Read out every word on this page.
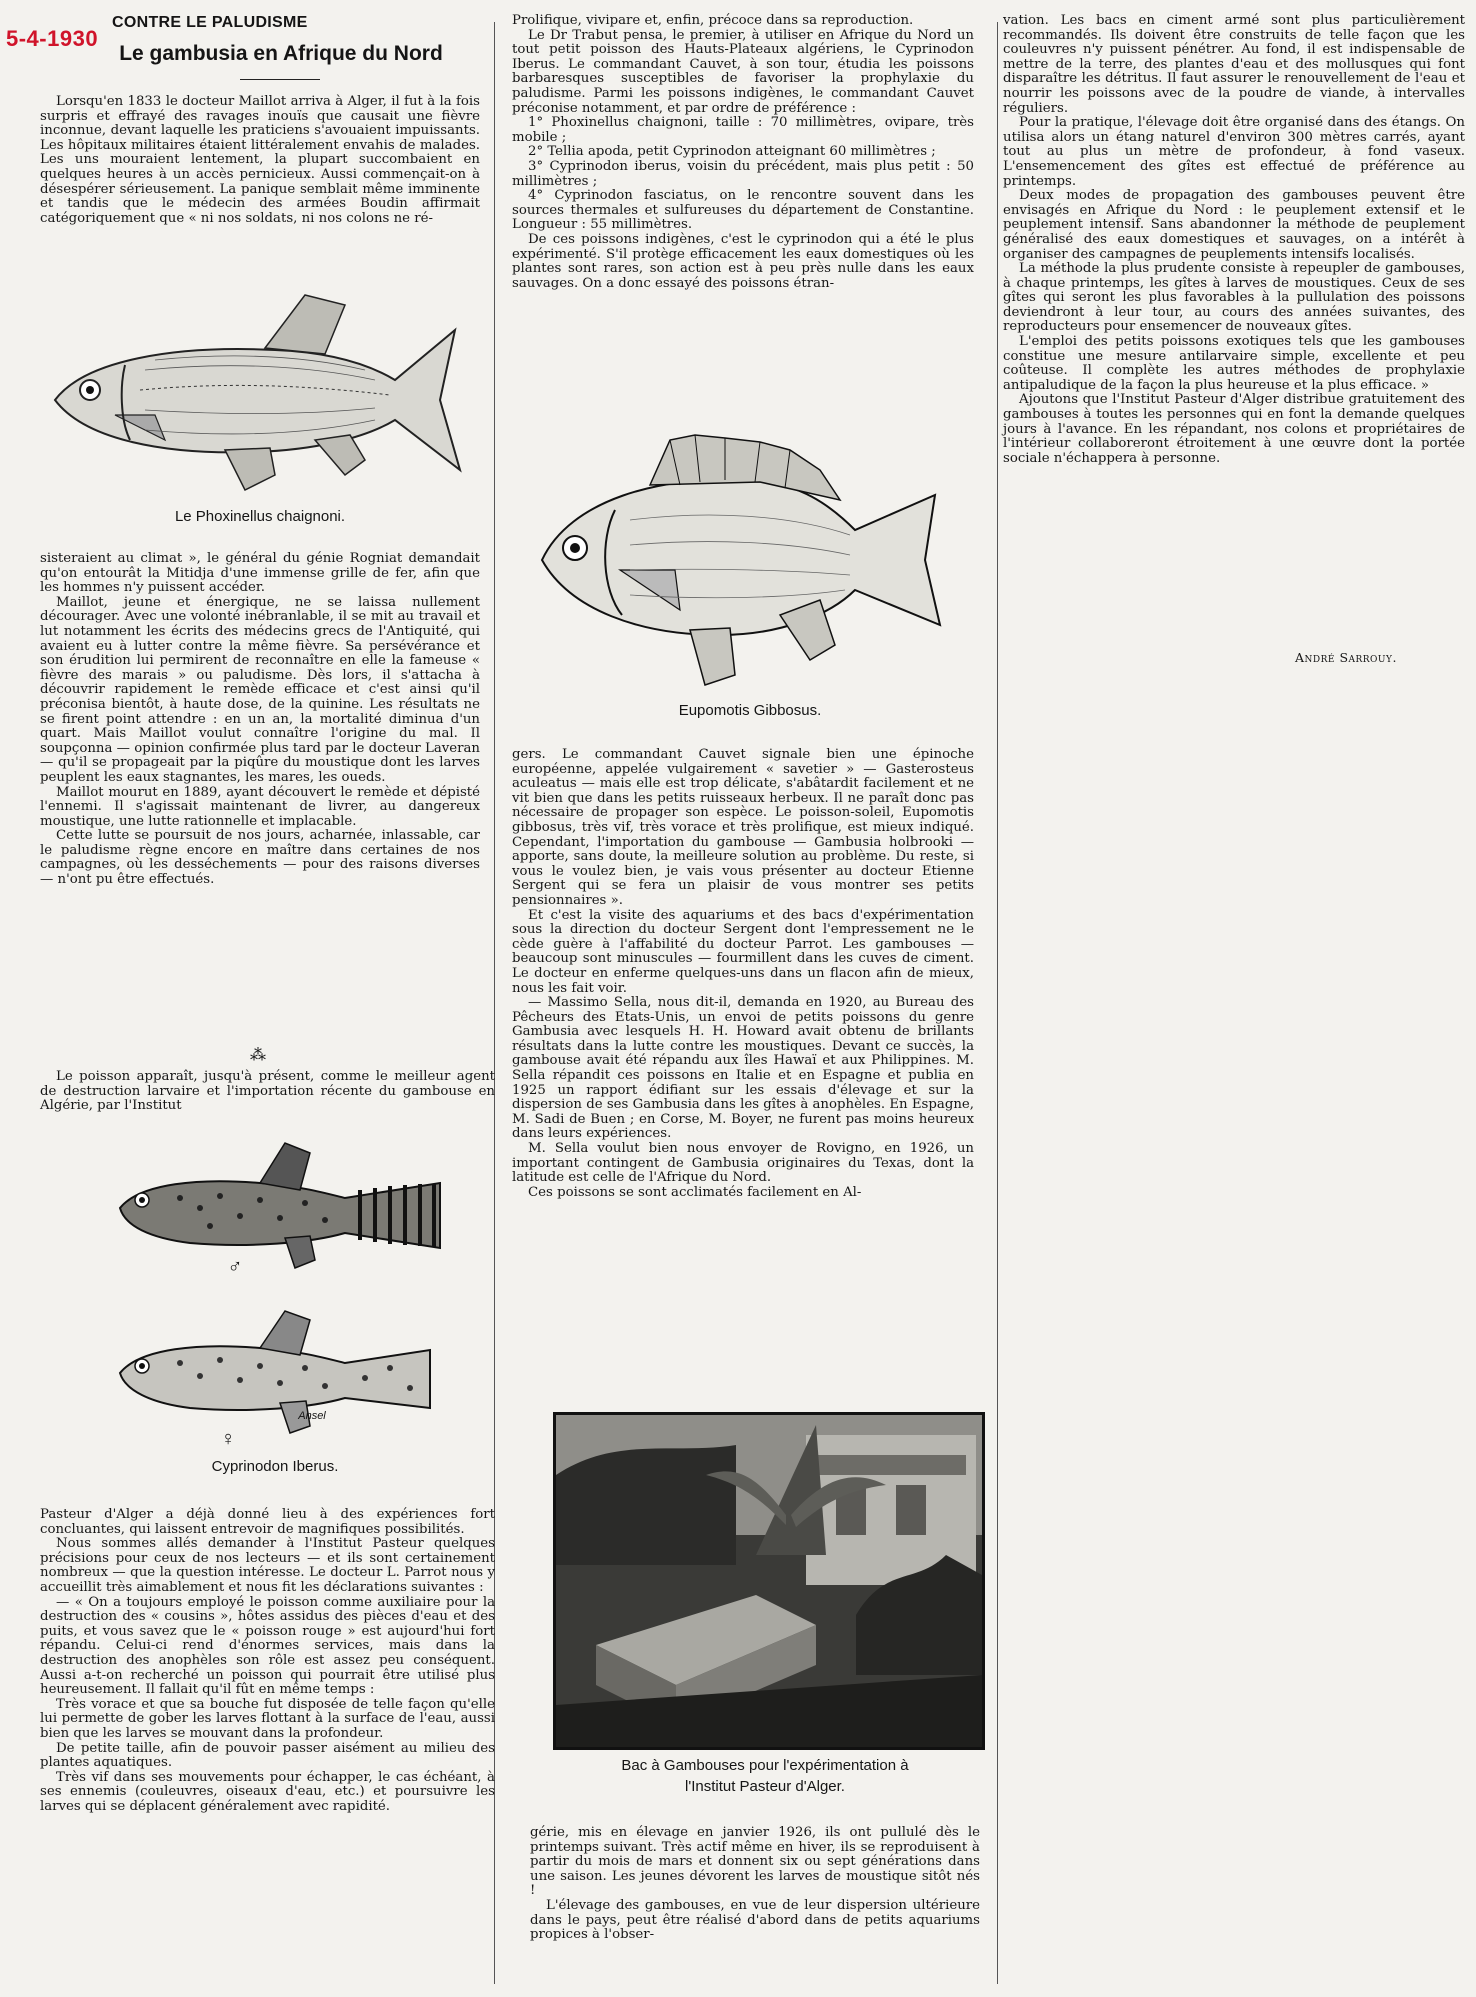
5-4-1930
CONTRE LE PALUDISME
Le gambusia en Afrique du Nord

Lorsqu'en 1833 le docteur Maillot arriva à Alger, il fut à la fois surpris et effrayé des ravages inouïs que causait une fièvre inconnue, devant laquelle les praticiens s'avouaient impuissants. Les hôpitaux militaires étaient littéralement envahis de malades. Les uns mouraient lentement, la plupart succombaient en quelques heures à un accès pernicieux. Aussi commençait-on à désespérer sérieusement. La panique semblait même imminente et tandis que le médecin des armées Boudin affirmait catégoriquement que « ni nos soldats, ni nos colons ne ré-

Le Phoxinellus chaignoni.

sisteraient au climat », le général du génie Rogniat demandait qu'on entourât la Mitidja d'une immense grille de fer, afin que les hommes n'y puissent accéder.

Maillot, jeune et énergique, ne se laissa nullement décourager. Avec une volonté inébranlable, il se mit au travail et lut notamment les écrits des médecins grecs de l'Antiquité, qui avaient eu à lutter contre la même fièvre. Sa persévérance et son érudition lui permirent de reconnaître en elle la fameuse « fièvre des marais » ou paludisme. Dès lors, il s'attacha à découvrir rapidement le remède efficace et c'est ainsi qu'il préconisa bientôt, à haute dose, de la quinine. Les résultats ne se firent point attendre : en un an, la mortalité diminua d'un quart. Mais Maillot voulut connaître l'origine du mal. Il soupçonna — opinion confirmée plus tard par le docteur Laveran — qu'il se propageait par la piqûre du moustique dont les larves peuplent les eaux stagnantes, les mares, les oueds.

Maillot mourut en 1889, ayant découvert le remède et dépisté l'ennemi. Il s'agissait maintenant de livrer, au dangereux moustique, une lutte rationnelle et implacable.

Cette lutte se poursuit de nos jours, acharnée, inlassable, car le paludisme règne encore en maître dans certaines de nos campagnes, où les desséchements — pour des raisons diverses — n'ont pu être effectués.

⁂

Le poisson apparaît, jusqu'à présent, comme le meilleur agent de destruction larvaire et l'importation récente du gambouse en Algérie, par l'Institut

♂
Ansel
♀
Cyprinodon Iberus.

Pasteur d'Alger a déjà donné lieu à des expériences fort concluantes, qui laissent entrevoir de magnifiques possibilités.

Nous sommes allés demander à l'Institut Pasteur quelques précisions pour ceux de nos lecteurs — et ils sont certainement nombreux — que la question intéresse. Le docteur L. Parrot nous y accueillit très aimablement et nous fit les déclarations suivantes :

— « On a toujours employé le poisson comme auxiliaire pour la destruction des « cousins », hôtes assidus des pièces d'eau et des puits, et vous savez que le « poisson rouge » est aujourd'hui fort répandu. Celui-ci rend d'énormes services, mais dans la destruction des anophèles son rôle est assez peu conséquent. Aussi a-t-on recherché un poisson qui pourrait être utilisé plus heureusement. Il fallait qu'il fût en même temps :

Très vorace et que sa bouche fut disposée de telle façon qu'elle lui permette de gober les larves flottant à la surface de l'eau, aussi bien que les larves se mouvant dans la profondeur.

De petite taille, afin de pouvoir passer aisément au milieu des plantes aquatiques.

Très vif dans ses mouvements pour échapper, le cas échéant, à ses ennemis (couleuvres, oiseaux d'eau, etc.) et poursuivre les larves qui se déplacent généralement avec rapidité.

Prolifique, vivipare et, enfin, précoce dans sa reproduction.

Le Dr Trabut pensa, le premier, à utiliser en Afrique du Nord un tout petit poisson des Hauts-Plateaux algériens, le Cyprinodon Iberus. Le commandant Cauvet, à son tour, étudia les poissons barbaresques susceptibles de favoriser la prophylaxie du paludisme. Parmi les poissons indigènes, le commandant Cauvet préconise notamment, et par ordre de préférence :

1° Phoxinellus chaignoni, taille : 70 millimètres, ovipare, très mobile ;

2° Tellia apoda, petit Cyprinodon atteignant 60 millimètres ;

3° Cyprinodon iberus, voisin du précédent, mais plus petit : 50 millimètres ;

4° Cyprinodon fasciatus, on le rencontre souvent dans les sources thermales et sulfureuses du département de Constantine. Longueur : 55 millimètres.

De ces poissons indigènes, c'est le cyprinodon qui a été le plus expérimenté. S'il protège efficacement les eaux domestiques où les plantes sont rares, son action est à peu près nulle dans les eaux sauvages. On a donc essayé des poissons étran-

Eupomotis Gibbosus.

gers. Le commandant Cauvet signale bien une épinoche européenne, appelée vulgairement « savetier » — Gasterosteus aculeatus — mais elle est trop délicate, s'abâtardit facilement et ne vit bien que dans les petits ruisseaux herbeux. Il ne paraît donc pas nécessaire de propager son espèce. Le poisson-soleil, Eupomotis gibbosus, très vif, très vorace et très prolifique, est mieux indiqué. Cependant, l'importation du gambouse — Gambusia holbrooki — apporte, sans doute, la meilleure solution au problème. Du reste, si vous le voulez bien, je vais vous présenter au docteur Etienne Sergent qui se fera un plaisir de vous montrer ses petits pensionnaires ».

Et c'est la visite des aquariums et des bacs d'expérimentation sous la direction du docteur Sergent dont l'empressement ne le cède guère à l'affabilité du docteur Parrot. Les gambouses — beaucoup sont minuscules — fourmillent dans les cuves de ciment. Le docteur en enferme quelques-uns dans un flacon afin de mieux, nous les fait voir.

— Massimo Sella, nous dit-il, demanda en 1920, au Bureau des Pêcheurs des Etats-Unis, un envoi de petits poissons du genre Gambusia avec lesquels H. H. Howard avait obtenu de brillants résultats dans la lutte contre les moustiques. Devant ce succès, la gambouse avait été répandu aux îles Hawaï et aux Philippines. M. Sella répandit ces poissons en Italie et en Espagne et publia en 1925 un rapport édifiant sur les essais d'élevage et sur la dispersion de ses Gambusia dans les gîtes à anophèles. En Espagne, M. Sadi de Buen ; en Corse, M. Boyer, ne furent pas moins heureux dans leurs expériences.

M. Sella voulut bien nous envoyer de Rovigno, en 1926, un important contingent de Gambusia originaires du Texas, dont la latitude est celle de l'Afrique du Nord.

Ces poissons se sont acclimatés facilement en Al-

Bac à Gambouses pour l'expérimentation à
l'Institut Pasteur d'Alger.

gérie, mis en élevage en janvier 1926, ils ont pullulé dès le printemps suivant. Très actif même en hiver, ils se reproduisent à partir du mois de mars et donnent six ou sept générations dans une saison. Les jeunes dévorent les larves de moustique sitôt nés !

L'élevage des gambouses, en vue de leur dispersion ultérieure dans le pays, peut être réalisé d'abord dans de petits aquariums propices à l'obser-

vation. Les bacs en ciment armé sont plus particulièrement recommandés. Ils doivent être construits de telle façon que les couleuvres n'y puissent pénétrer. Au fond, il est indispensable de mettre de la terre, des plantes d'eau et des mollusques qui font disparaître les détritus. Il faut assurer le renouvellement de l'eau et nourrir les poissons avec de la poudre de viande, à intervalles réguliers.

Pour la pratique, l'élevage doit être organisé dans des étangs. On utilisa alors un étang naturel d'environ 300 mètres carrés, ayant tout au plus un mètre de profondeur, à fond vaseux. L'ensemencement des gîtes est effectué de préférence au printemps.

Deux modes de propagation des gambouses peuvent être envisagés en Afrique du Nord : le peuplement extensif et le peuplement intensif. Sans abandonner la méthode de peuplement généralisé des eaux domestiques et sauvages, on a intérêt à organiser des campagnes de peuplements intensifs localisés.

La méthode la plus prudente consiste à repeupler de gambouses, à chaque printemps, les gîtes à larves de moustiques. Ceux de ses gîtes qui seront les plus favorables à la pullulation des poissons deviendront à leur tour, au cours des années suivantes, des reproducteurs pour ensemencer de nouveaux gîtes.

L'emploi des petits poissons exotiques tels que les gambouses constitue une mesure antilarvaire simple, excellente et peu coûteuse. Il complète les autres méthodes de prophylaxie antipaludique de la façon la plus heureuse et la plus efficace. »

Ajoutons que l'Institut Pasteur d'Alger distribue gratuitement des gambouses à toutes les personnes qui en font la demande quelques jours à l'avance. En les répandant, nos colons et propriétaires de l'intérieur collaboreront étroitement à une œuvre dont la portée sociale n'échappera à personne.

André Sarrouy.
